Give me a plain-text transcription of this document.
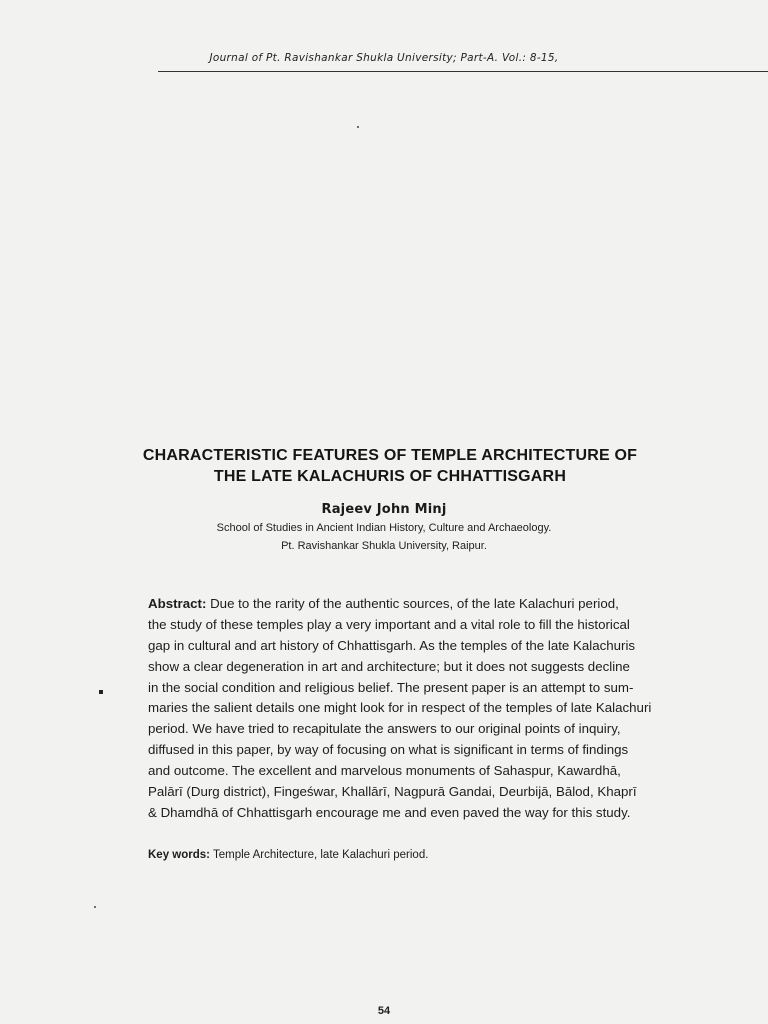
Journal of Pt. Ravishankar Shukla University; Part-A. Vol.: 8-15,
CHARACTERISTIC FEATURES OF TEMPLE ARCHITECTURE OF
THE LATE KALACHURIS OF CHHATTISGARH
Rajeev John Minj
School of Studies in Ancient Indian History, Culture and Archaeology.
Pt. Ravishankar Shukla University, Raipur.
Abstract: Due to the rarity of the authentic sources, of the late Kalachuri period,
the study of these temples play a very important and a vital role to fill the historical
gap in cultural and art history of Chhattisgarh. As the temples of the late Kalachuris
show a clear degeneration in art and architecture; but it does not suggests decline
in the social condition and religious belief. The present paper is an attempt to sum-
maries the salient details one might look for in respect of the temples of late Kalachuri
period. We have tried to recapitulate the answers to our original points of inquiry,
diffused in this paper, by way of focusing on what is significant in terms of findings
and outcome. The excellent and marvelous monuments of Sahaspur, Kawardhā,
Palārī (Durg district), Fingeśwar, Khallārī, Nagpurā Gandai, Deurbijā, Bālod, Khaprī
& Dhamdhā of Chhattisgarh encourage me and even paved the way for this study.
Key words: Temple Architecture, late Kalachuri period.
54
